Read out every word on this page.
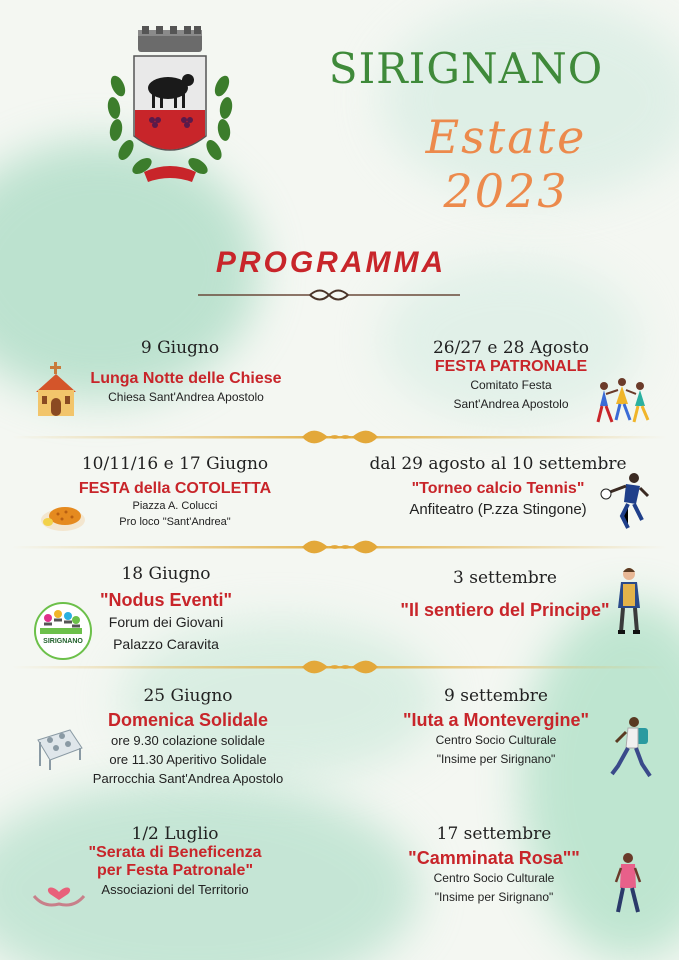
SIRIGNANO
Estate 2023
PROGRAMMA
9 Giugno
Lunga Notte delle Chiese
Chiesa Sant'Andrea Apostolo
26/27 e 28 Agosto
FESTA PATRONALE
Comitato Festa
Sant'Andrea Apostolo
10/11/16 e 17 Giugno
FESTA della COTOLETTA
Piazza A. Colucci
Pro loco "Sant'Andrea"
dal 29 agosto al 10 settembre
"Torneo calcio Tennis"
Anfiteatro (P.zza Stingone)
18 Giugno
"Nodus Eventi"
Forum dei Giovani
Palazzo Caravita
SIRIGNANO
3 settembre
"Il sentiero del Principe"
25 Giugno
Domenica Solidale
ore 9.30 colazione solidale
ore 11.30 Aperitivo Solidale
Parrocchia Sant'Andrea Apostolo
9 settembre
"Iuta a Montevergine"
Centro Socio Culturale
"Insime per Sirignano"
1/2 Luglio
"Serata di Beneficenza
per Festa Patronale"
Associazioni del Territorio
17 settembre
"Camminata Rosa""
Centro Socio Culturale
"Insime per Sirignano"
